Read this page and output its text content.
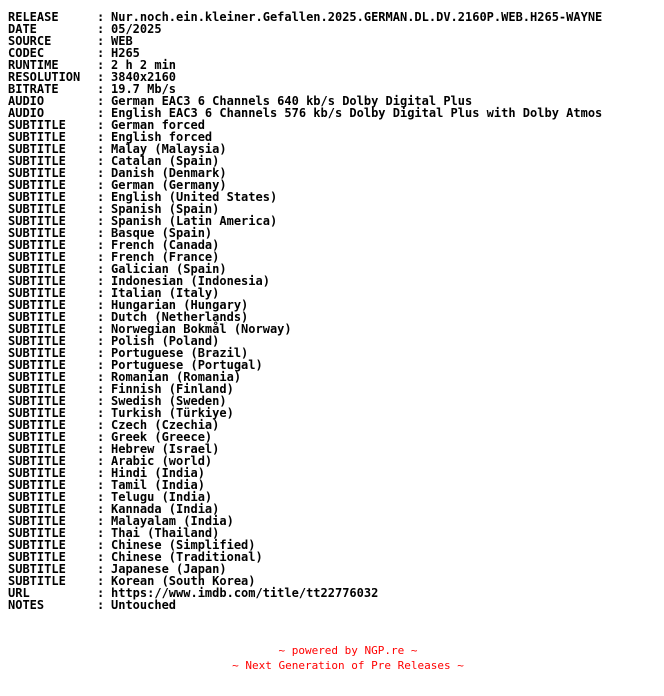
RELEASE	: Nur.noch.ein.kleiner.Gefallen.2025.GERMAN.DL.DV.2160P.WEB.H265-WAYNE
DATE	: 05/2025
SOURCE	: WEB
CODEC	: H265
RUNTIME	: 2 h 2 min
RESOLUTION	: 3840x2160
BITRATE	: 19.7 Mb/s
AUDIO	: German EAC3 6 Channels 640 kb/s Dolby Digital Plus
AUDIO	: English EAC3 6 Channels 576 kb/s Dolby Digital Plus with Dolby Atmos
SUBTITLE	: German forced
SUBTITLE	: English forced
SUBTITLE	: Malay (Malaysia)
SUBTITLE	: Catalan (Spain)
SUBTITLE	: Danish (Denmark)
SUBTITLE	: German (Germany)
SUBTITLE	: English (United States)
SUBTITLE	: Spanish (Spain)
SUBTITLE	: Spanish (Latin America)
SUBTITLE	: Basque (Spain)
SUBTITLE	: French (Canada)
SUBTITLE	: French (France)
SUBTITLE	: Galician (Spain)
SUBTITLE	: Indonesian (Indonesia)
SUBTITLE	: Italian (Italy)
SUBTITLE	: Hungarian (Hungary)
SUBTITLE	: Dutch (Netherlands)
SUBTITLE	: Norwegian Bokmål (Norway)
SUBTITLE	: Polish (Poland)
SUBTITLE	: Portuguese (Brazil)
SUBTITLE	: Portuguese (Portugal)
SUBTITLE	: Romanian (Romania)
SUBTITLE	: Finnish (Finland)
SUBTITLE	: Swedish (Sweden)
SUBTITLE	: Turkish (Türkiye)
SUBTITLE	: Czech (Czechia)
SUBTITLE	: Greek (Greece)
SUBTITLE	: Hebrew (Israel)
SUBTITLE	: Arabic (world)
SUBTITLE	: Hindi (India)
SUBTITLE	: Tamil (India)
SUBTITLE	: Telugu (India)
SUBTITLE	: Kannada (India)
SUBTITLE	: Malayalam (India)
SUBTITLE	: Thai (Thailand)
SUBTITLE	: Chinese (Simplified)
SUBTITLE	: Chinese (Traditional)
SUBTITLE	: Japanese (Japan)
SUBTITLE	: Korean (South Korea)
URL	: https://www.imdb.com/title/tt22776032
NOTES	: Untouched
~ powered by NGP.re ~
~ Next Generation of Pre Releases ~
